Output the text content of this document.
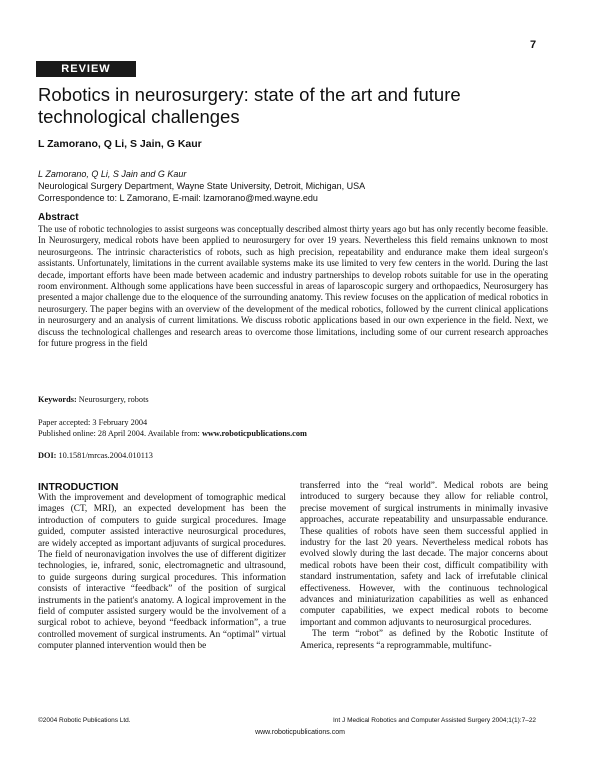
7
REVIEW
Robotics in neurosurgery: state of the art and future technological challenges
L Zamorano, Q Li, S Jain, G Kaur
L Zamorano, Q Li, S Jain and G Kaur
Neurological Surgery Department, Wayne State University, Detroit, Michigan, USA
Correspondence to: L Zamorano, E-mail: lzamorano@med.wayne.edu
Abstract
The use of robotic technologies to assist surgeons was conceptually described almost thirty years ago but has only recently become feasible. In Neurosurgery, medical robots have been applied to neurosurgery for over 19 years. Nevertheless this field remains unknown to most neurosurgeons. The intrinsic characteristics of robots, such as high precision, repeatability and endurance make them ideal surgeon's assistants. Unfortunately, limitations in the current available systems make its use limited to very few centers in the world. During the last decade, important efforts have been made between academic and industry partnerships to develop robots suitable for use in the operating room environment. Although some applications have been successful in areas of laparoscopic surgery and orthopaedics, Neurosurgery has presented a major challenge due to the eloquence of the surrounding anatomy. This review focuses on the application of medical robotics in neurosurgery. The paper begins with an overview of the development of the medical robotics, followed by the current clinical applications in neurosurgery and an analysis of current limitations. We discuss robotic applications based in our own experience in the field. Next, we discuss the technological challenges and research areas to overcome those limitations, including some of our current research approaches for future progress in the field
Keywords: Neurosurgery, robots
Paper accepted: 3 February 2004
Published online: 28 April 2004. Available from: www.roboticpublications.com
DOI: 10.1581/mrcas.2004.010113
INTRODUCTION

With the improvement and development of tomographic medical images (CT, MRI), an expected development has been the introduction of computers to guide surgical procedures. Image guided, computer assisted interactive neurosurgical procedures, are widely accepted as important adjuvants of surgical procedures. The field of neuronavigation involves the use of different digitizer technologies, ie, infrared, sonic, electromagnetic and ultrasound, to guide surgeons during surgical procedures. This information consists of interactive “feedback” of the position of surgical instruments in the patient's anatomy. A logical improvement in the field of computer assisted surgery would be the involvement of a surgical robot to achieve, beyond “feedback information”, a true controlled movement of surgical instruments. An “optimal” virtual computer planned intervention would then be

transferred into the “real world”. Medical robots are being introduced to surgery because they allow for reliable control, precise movement of surgical instruments in minimally invasive approaches, accurate repeatability and unsurpassable endurance. These qualities of robots have seen them successful applied in industry for the last 20 years. Nevertheless medical robots has evolved slowly during the last decade. The major concerns about medical robots have been their cost, difficult compatibility with standard instrumentation, safety and lack of irrefutable clinical effectiveness. However, with the continuous technological advances and miniaturization capabilities as well as enhanced computer capabilities, we expect medical robots to become important and common adjuvants to neurosurgical procedures.

The term “robot” as defined by the Robotic Institute of America, represents “a reprogrammable, multifunc-

©2004 Robotic Publications Ltd.	Int J Medical Robotics and Computer Assisted Surgery 2004;1(1):7–22
www.roboticpublications.com
